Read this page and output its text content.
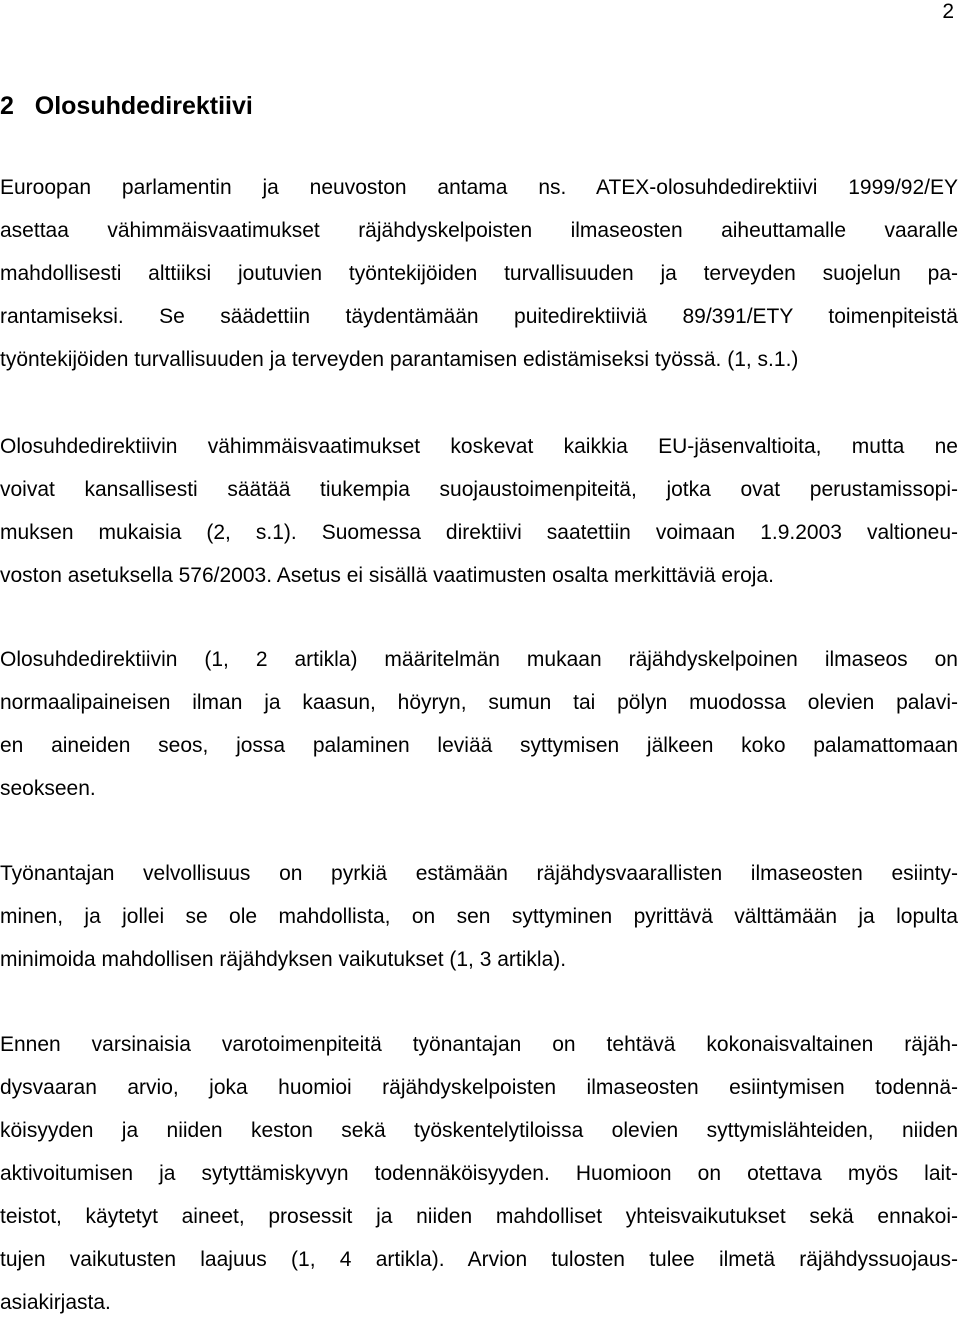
2
2 Olosuhdedirektiivi

Euroopan parlamentin ja neuvoston antama ns. ATEX-olosuhdedirektiivi 1999/92/EY
asettaa vähimmäisvaatimukset räjähdyskelpoisten ilmaseosten aiheuttamalle vaaralle
mahdollisesti alttiiksi joutuvien työntekijöiden turvallisuuden ja terveyden suojelun pa-
rantamiseksi. Se säädettiin täydentämään puitedirektiiviä 89/391/ETY toimenpiteistä
työntekijöiden turvallisuuden ja terveyden parantamisen edistämiseksi työssä. (1, s.1.)

Olosuhdedirektiivin vähimmäisvaatimukset koskevat kaikkia EU-jäsenvaltioita, mutta ne
voivat kansallisesti säätää tiukempia suojaustoimenpiteitä, jotka ovat perustamissopi-
muksen mukaisia (2, s.1). Suomessa direktiivi saatettiin voimaan 1.9.2003 valtioneu-
voston asetuksella 576/2003. Asetus ei sisällä vaatimusten osalta merkittäviä eroja.

Olosuhdedirektiivin (1, 2 artikla) määritelmän mukaan räjähdyskelpoinen ilmaseos on
normaalipaineisen ilman ja kaasun, höyryn, sumun tai pölyn muodossa olevien palavi-
en aineiden seos, jossa palaminen leviää syttymisen jälkeen koko palamattomaan
seokseen.

Työnantajan velvollisuus on pyrkiä estämään räjähdysvaarallisten ilmaseosten esiinty-
minen, ja jollei se ole mahdollista, on sen syttyminen pyrittävä välttämään ja lopulta
minimoida mahdollisen räjähdyksen vaikutukset (1, 3 artikla).

Ennen varsinaisia varotoimenpiteitä työnantajan on tehtävä kokonaisvaltainen räjäh-
dysvaaran arvio, joka huomioi räjähdyskelpoisten ilmaseosten esiintymisen todennä-
köisyyden ja niiden keston sekä työskentelytiloissa olevien syttymislähteiden, niiden
aktivoitumisen ja sytyttämiskyvyn todennäköisyyden. Huomioon on otettava myös lait-
teistot, käytetyt aineet, prosessit ja niiden mahdolliset yhteisvaikutukset sekä ennakoi-
tujen vaikutusten laajuus (1, 4 artikla). Arvion tulosten tulee ilmetä räjähdyssuojaus-
asiakirjasta.
